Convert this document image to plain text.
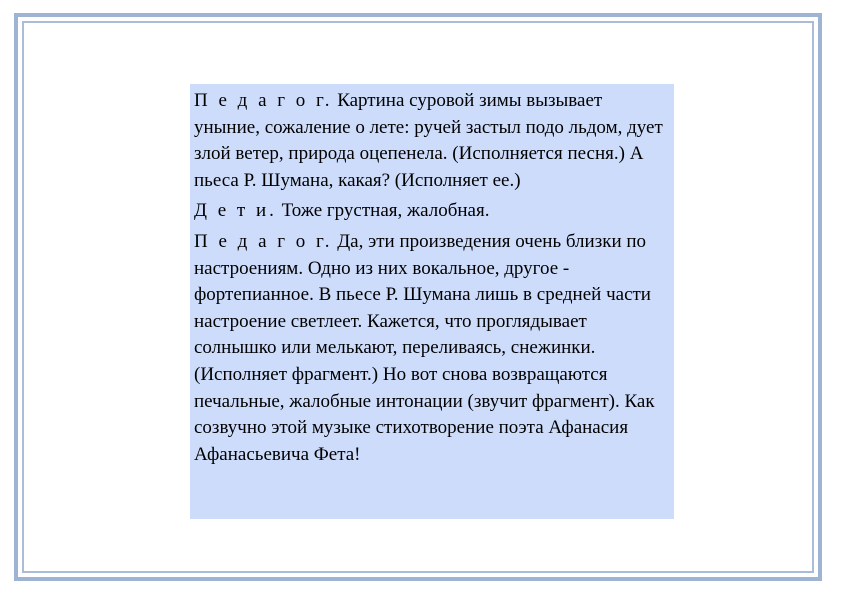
П е д а г о г. Картина суровой зимы вызывает уныние, сожаление о лете: ручей застыл подо льдом, дует злой ветер, природа оцепенела. (Исполняется песня.) А пьеса Р. Шумана, какая? (Исполняет ее.)

Д е т и. Тоже грустная, жалобная.

П е д а г о г. Да, эти произведения очень близки по настроениям. Одно из них вокальное, другое - фортепианное. В пьесе Р. Шумана лишь в средней части настроение светлеет. Кажется, что проглядывает солнышко или мелькают, переливаясь, снежинки. (Исполняет фрагмент.) Но вот снова возвращаются печальные, жалобные интонации (звучит фрагмент). Как созвучно этой музыке стихотворение поэта Афанасия Афанасьевича Фета!
